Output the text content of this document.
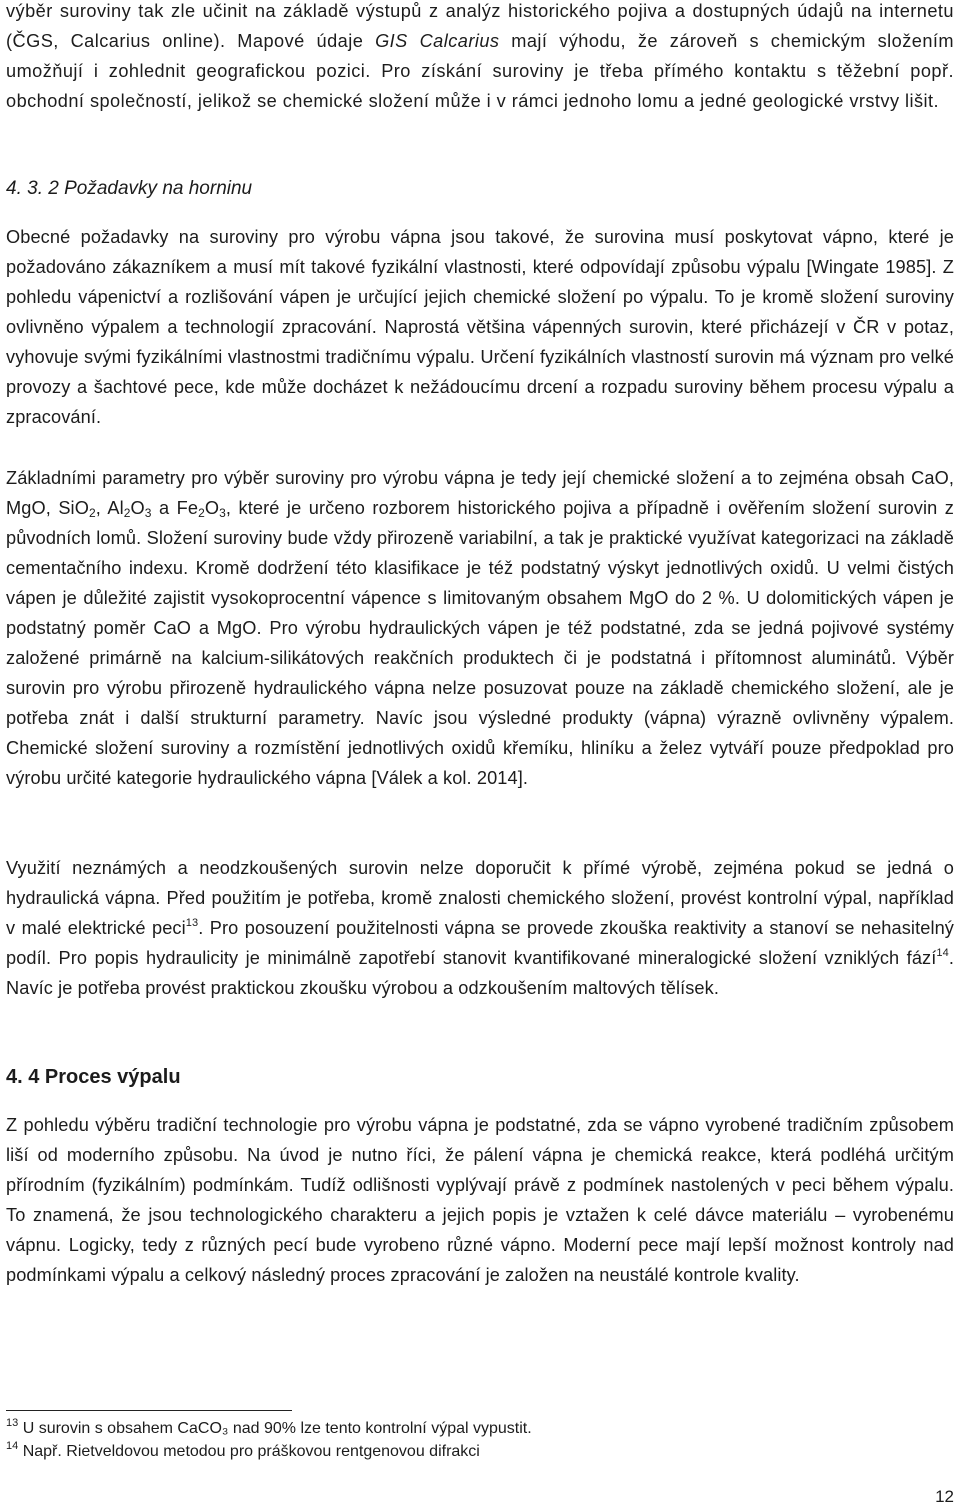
výběr suroviny tak zle učinit na základě výstupů z analýz historického pojiva a dostupných údajů na internetu (ČGS, Calcarius online). Mapové údaje GIS Calcarius mají výhodu, že zároveň s chemickým složením umožňují i zohlednit geografickou pozici. Pro získání suroviny je třeba přímého kontaktu s těžební popř. obchodní společností, jelikož se chemické složení může i v rámci jednoho lomu a jedné geologické vrstvy lišit.

4. 3. 2 Požadavky na horninu

Obecné požadavky na suroviny pro výrobu vápna jsou takové, že surovina musí poskytovat vápno, které je požadováno zákazníkem a musí mít takové fyzikální vlastnosti, které odpovídají způsobu výpalu [Wingate 1985]. Z pohledu vápenictví a rozlišování vápen je určující jejich chemické složení po výpalu. To je kromě složení suroviny ovlivněno výpalem a technologií zpracování. Naprostá většina vápenných surovin, které přicházejí v ČR v potaz, vyhovuje svými fyzikálními vlastnostmi tradičnímu výpalu. Určení fyzikálních vlastností surovin má význam pro velké provozy a šachtové pece, kde může docházet k nežádoucímu drcení a rozpadu suroviny během procesu výpalu a zpracování.

Základními parametry pro výběr suroviny pro výrobu vápna je tedy její chemické složení a to zejména obsah CaO, MgO, SiO$_2$, $Al_2O_3$ a $Fe_2O_3$, které je určeno rozborem historického pojiva a případně i ověřením složení surovin z původních lomů. Složení suroviny bude vždy přirozeně variabilní, a tak je praktické využívat kategorizaci na základě cementačního indexu. Kromě dodržení této klasifikace je též podstatný výskyt jednotlivých oxidů. U velmi čistých vápen je důležité zajistit vysokoprocentní vápence s limitovaným obsahem MgO do 2 %. U dolomitických vápen je podstatný poměr CaO a MgO. Pro výrobu hydraulických vápen je též podstatné, zda se jedná pojivové systémy založené primárně na kalcium-silikátových reakčních produktech či je podstatná i přítomnost aluminátů. Výběr surovin pro výrobu přirozeně hydraulického vápna nelze posuzovat pouze na základě chemického složení, ale je potřeba znát i další strukturní parametry. Navíc jsou výsledné produkty (vápna) výrazně ovlivněny výpalem. Chemické složení suroviny a rozmístění jednotlivých oxidů křemíku, hliníku a želez vytváří pouze předpoklad pro výrobu určité kategorie hydraulického vápna [Válek a kol. 2014].

Využití neznámých a neodzkoušených surovin nelze doporučit k přímé výrobě, zejména pokud se jedná o hydraulická vápna. Před použitím je potřeba, kromě znalosti chemického složení, provést kontrolní výpal, například v malé elektrické peci$^{13}$. Pro posouzení použitelnosti vápna se provede zkouška reaktivity a stanoví se nehasitelný podíl. Pro popis hydraulicity je minimálně zapotřebí stanovit kvantifikované mineralogické složení vzniklých fází$^{14}$. Navíc je potřeba provést praktickou zkoušku výrobou a odzkoušením maltových tělísek.

4. 4 Proces výpalu

Z pohledu výběru tradiční technologie pro výrobu vápna je podstatné, zda se vápno vyrobené tradičním způsobem liší od moderního způsobu. Na úvod je nutno říci, že pálení vápna je chemická reakce, která podléhá určitým přírodním (fyzikálním) podmínkám. Tudíž odlišnosti vyplývají právě z podmínek nastolených v peci během výpalu. To znamená, že jsou technologického charakteru a jejich popis je vztažen k celé dávce materiálu – vyrobenému vápnu. Logicky, tedy z různých pecí bude vyrobeno různé vápno. Moderní pece mají lepší možnost kontroly nad podmínkami výpalu a celkový následný proces zpracování je založen na neustálé kontrole kvality.

$^{13}$ U surovin s obsahem CaCO₃ nad 90% lze tento kontrolní výpal vypustit.

$^{14}$ Např. Rietveldovou metodou pro práškovou rentgenovou difrakci

12
